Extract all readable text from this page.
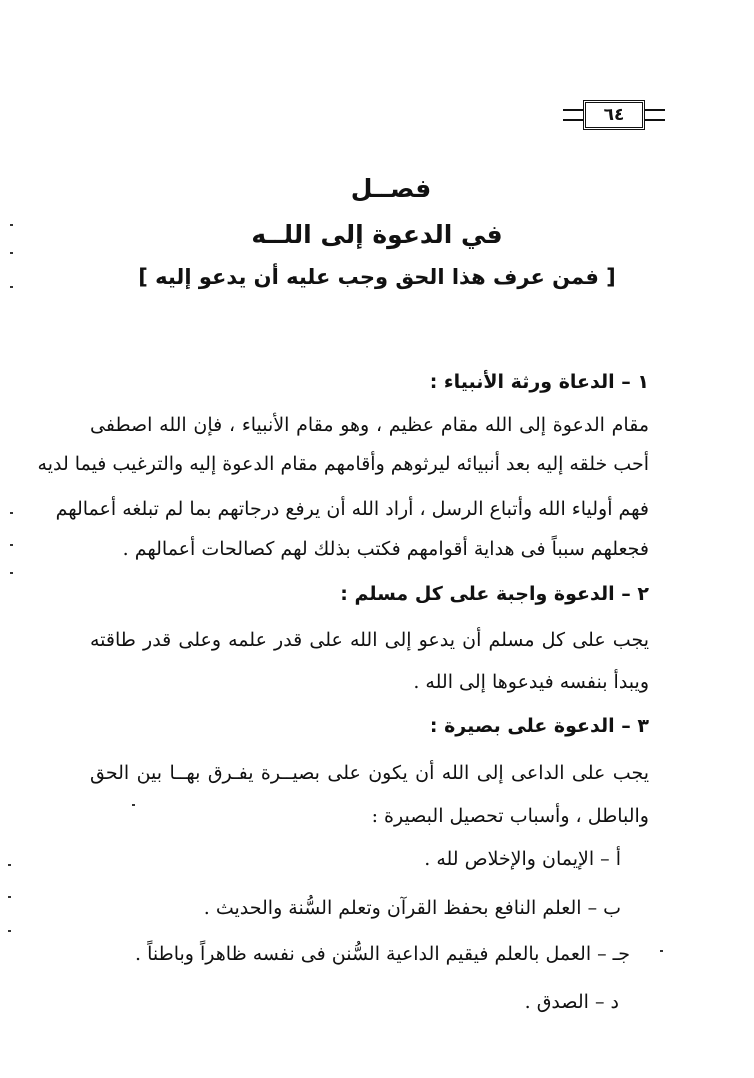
٦٤
فصــل
في الدعوة إلى اللــه
[ فمن عرف هذا الحق وجب عليه أن يدعو إليه ]
١ – الدعاة ورثة الأنبياء :
مقام الدعوة إلى الله مقام عظيم ، وهو مقام الأنبياء ، فإن الله اصطفى
أحب خلقه إليه بعد أنبيائه ليرثوهم وأقامهم مقام الدعوة إليه والترغيب فيما لديه
فهم أولياء الله وأتباع الرسل ، أراد الله أن يرفع درجاتهم بما لم تبلغه أعمالهم
فجعلهم سبباً فى هداية أقوامهم فكتب بذلك لهم كصالحات أعمالهم .
٢ – الدعوة واجبة على كل مسلم :
يجب على كل مسلم أن يدعو إلى الله على قدر علمه وعلى قدر طاقته
ويبدأ بنفسه فيدعوها إلى الله .
٣ – الدعوة على بصيرة :
يجب على الداعى إلى الله أن يكون على بصيــرة يفـرق بهــا بين الحق
والباطل ، وأسباب تحصيل البصيرة :
أ – الإيمان والإخلاص لله .
ب – العلم النافع بحفظ القرآن وتعلم السُّنة والحديث .
جـ – العمل بالعلم فيقيم الداعية السُّنن فى نفسه ظاهراً وباطناً .
د – الصدق .
